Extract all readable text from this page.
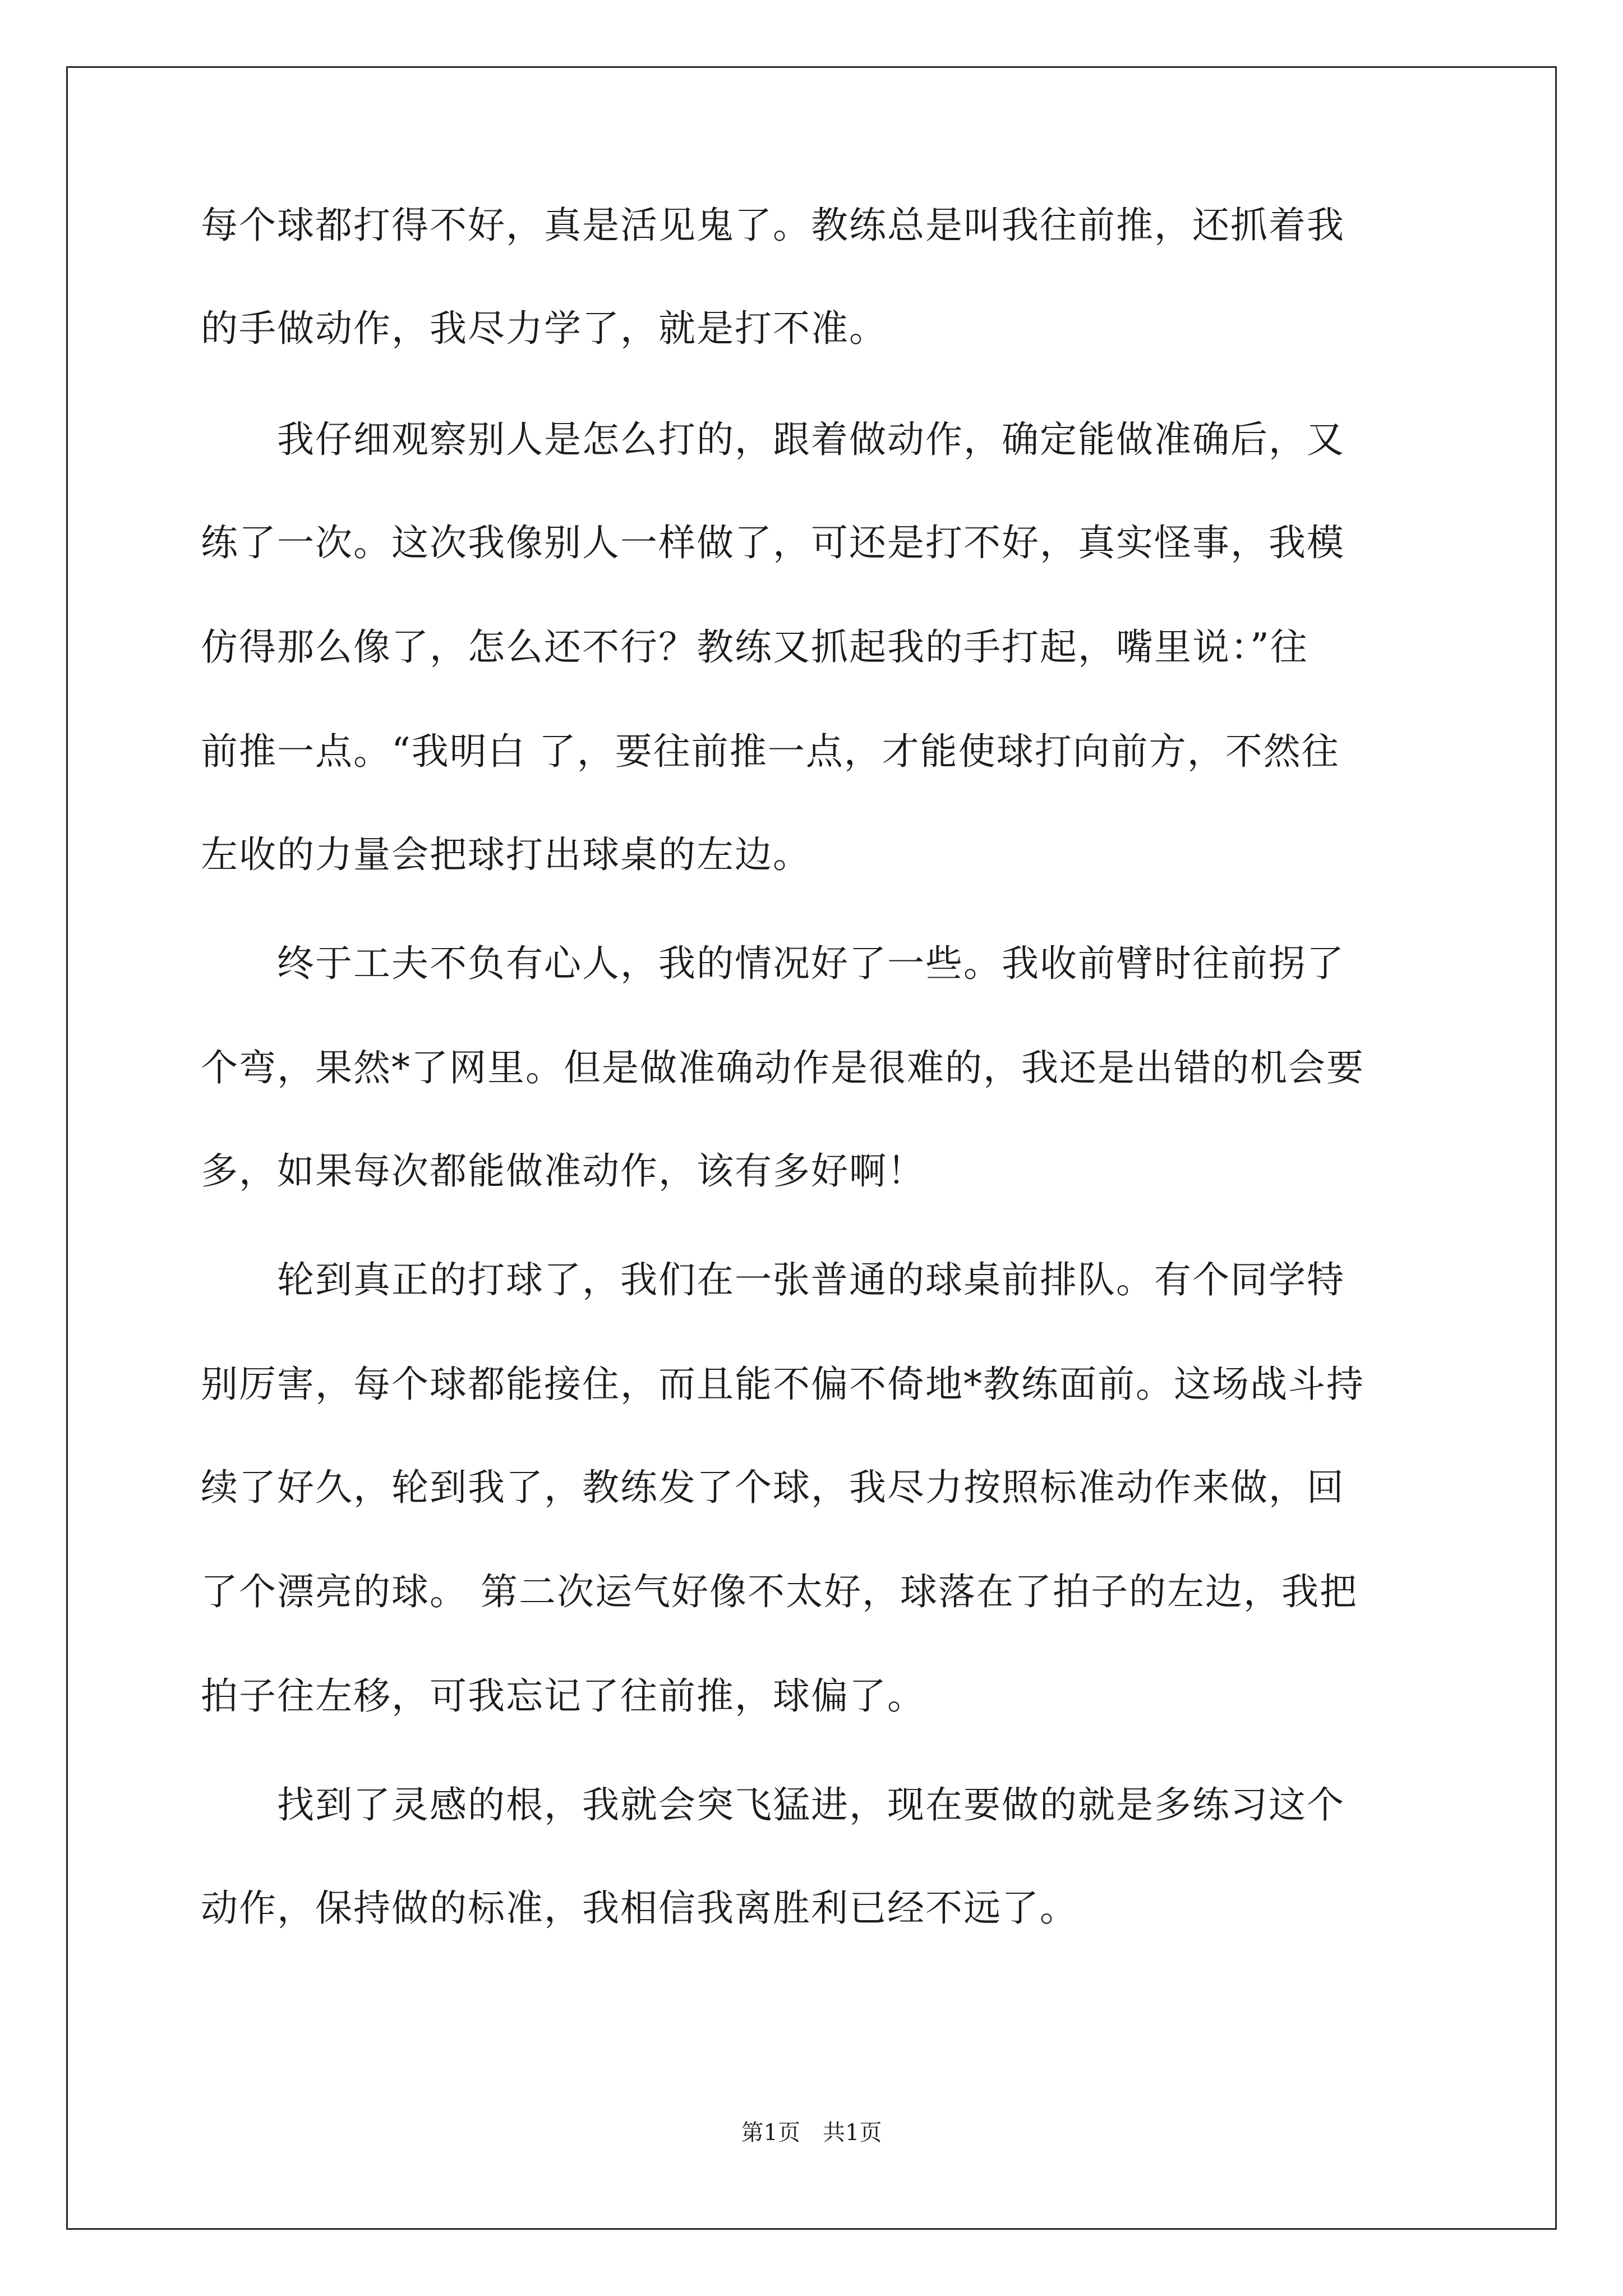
每个球都打得不好，真是活见鬼了。教练总是叫我往前推，还抓着我
的手做动作，我尽力学了，就是打不准。
　　我仔细观察别人是怎么打的，跟着做动作，确定能做准确后，又
练了一次。这次我像别人一样做了，可还是打不好，真实怪事，我模
仿得那么像了，怎么还不行？教练又抓起我的手打起，嘴里说：”往
前推一点。“我明白 了，要往前推一点，才能使球打向前方，不然往
左收的力量会把球打出球桌的左边。
　　终于工夫不负有心人，我的情况好了一些。我收前臂时往前拐了
个弯，果然*了网里。但是做准确动作是很难的，我还是出错的机会要
多，如果每次都能做准动作，该有多好啊！
　　轮到真正的打球了，我们在一张普通的球桌前排队。有个同学特
别厉害，每个球都能接住，而且能不偏不倚地*教练面前。这场战斗持
续了好久，轮到我了，教练发了个球，我尽力按照标准动作来做，回
了个漂亮的球。 第二次运气好像不太好，球落在了拍子的左边，我把
拍子往左移，可我忘记了往前推，球偏了。
　　找到了灵感的根，我就会突飞猛进，现在要做的就是多练习这个
动作，保持做的标准，我相信我离胜利已经不远了。
第1页　共1页
